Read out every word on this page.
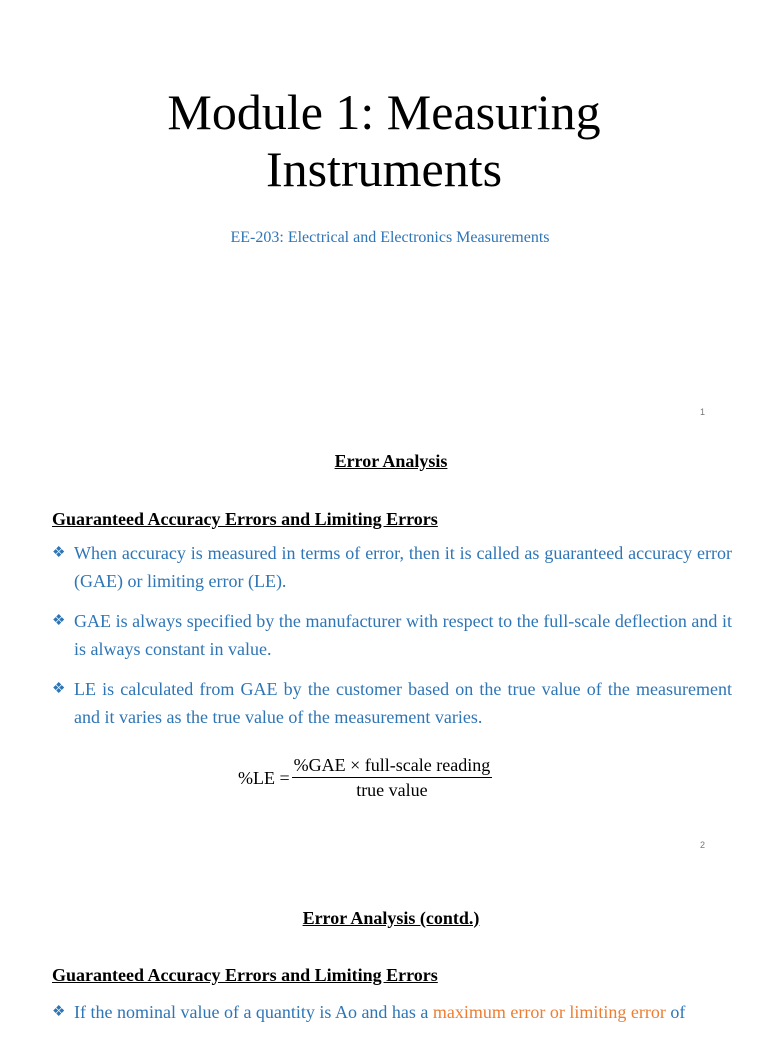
Module 1: Measuring
Instruments

EE-203: Electrical and Electronics Measurements

1
Error Analysis
Guaranteed Accuracy Errors and Limiting Errors
❖ When accuracy is measured in terms of error, then it is called as guaranteed accuracy error (GAE) or limiting error (LE).
❖ GAE is always specified by the manufacturer with respect to the full-scale deflection and it is always constant in value.
❖ LE is calculated from GAE by the customer based on the true value of the measurement and it varies as the true value of the measurement varies.
$\%LE = \frac{\text{\%GAE × full-scale reading}}{\text{true value}}$
2
Error Analysis (contd.)
Guaranteed Accuracy Errors and Limiting Errors
❖ If the nominal value of a quantity is Ao and has a maximum error or limiting error of
